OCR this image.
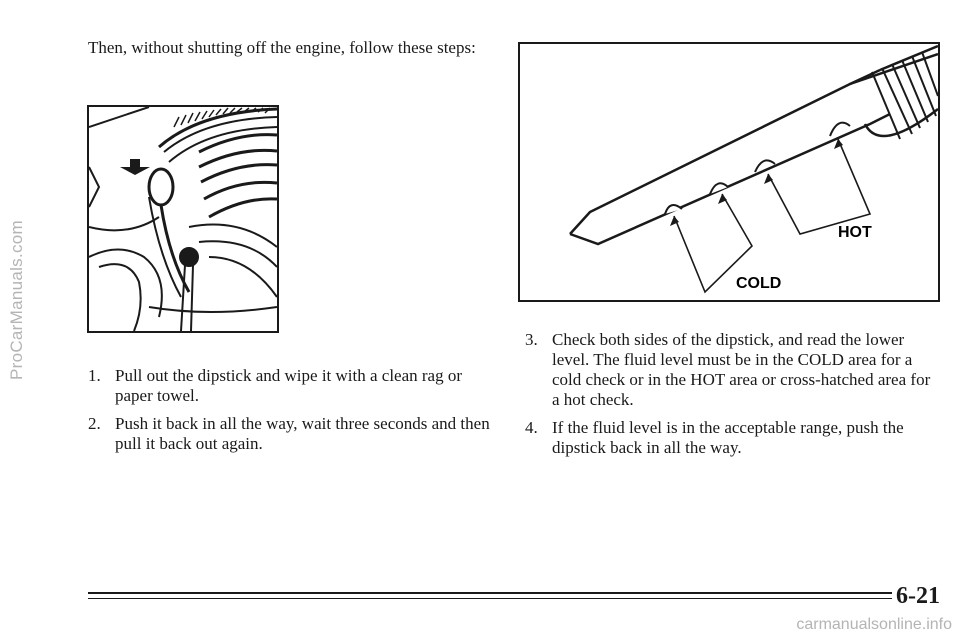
ProCarManuals.com

Then, without shutting off the engine, follow these steps:

HOT
COLD
1. Pull out the dipstick and wipe it with a clean rag or paper towel.
2. Push it back in all the way, wait three seconds and then pull it back out again.
3. Check both sides of the dipstick, and read the lower level. The fluid level must be in the COLD area for a cold check or in the HOT area or cross-hatched area for a hot check.
4. If the fluid level is in the acceptable range, push the dipstick back in all the way.
6-21
carmanualsonline.info
